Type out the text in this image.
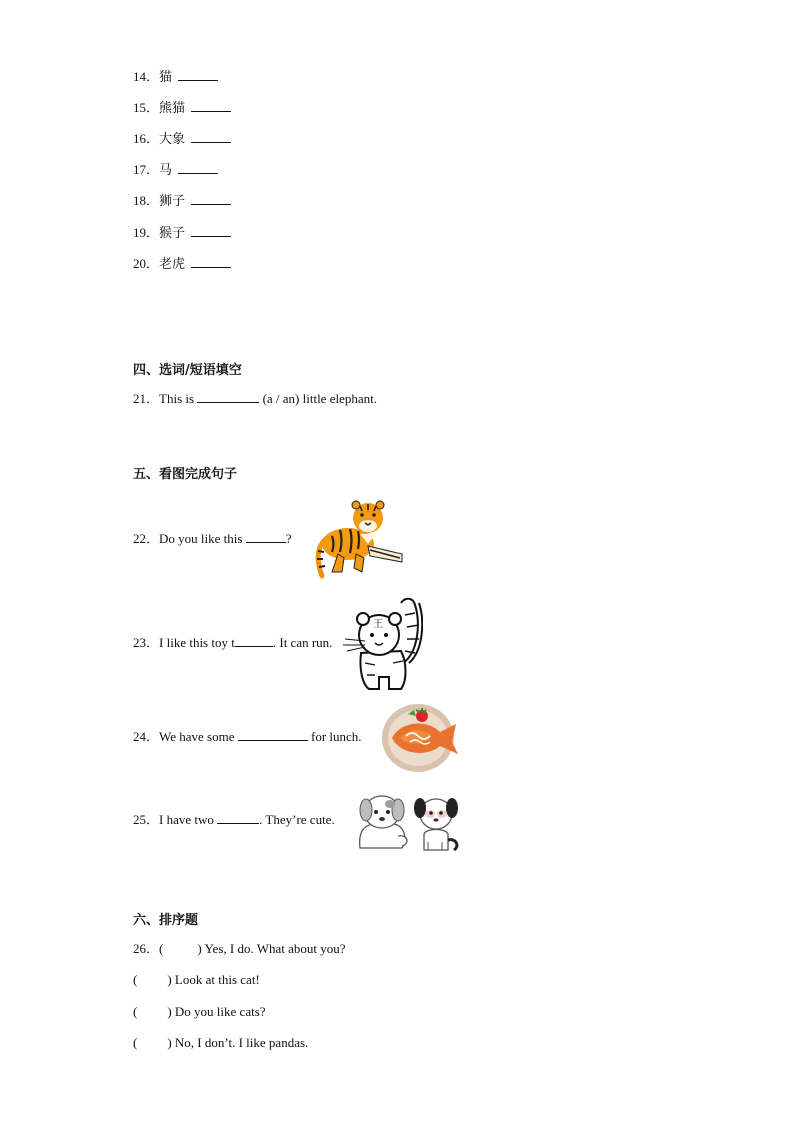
14．猫
15．熊猫
16．大象
17．马
18．狮子
19．猴子
20．老虎
四、选词/短语填空
21．This is	(a / an) little elephant.
五、看图完成句子
22．Do you like this	?
23．I like this toy t	. It can run.
王
24．We have some	for lunch.
25．I have two	. They’re cute.
六、排序题
26．(	) Yes, I do. What about you?
( ) Look at this cat!
( ) Do you like cats?
( ) No, I don’t. I like pandas.
